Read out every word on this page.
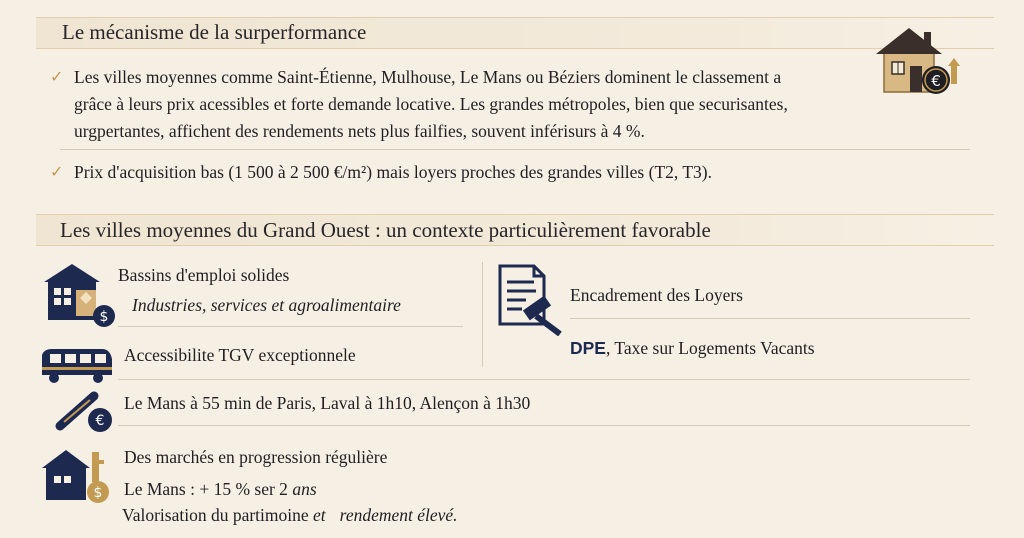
Le mécanisme de la surperformance
€
✓ Les villes moyennes comme Saint-Étienne, Mulhouse, Le Mans ou Béziers dominent le classement a
grâce à leurs prix acessibles et forte demande locative. Les grandes métropoles, bien que securisantes,
urgpertantes, affichent des rendements nets plus failfies, souvent inférisurs à 4 %.
✓ Prix d'acquisition bas (1 500 à 2 500 €/m²) mais loyers proches des grandes villes (T2, T3).
Les villes moyennes du Grand Ouest : un contexte particulièrement favorable
$
Bassins d'emploi solides
Industries, services et agroalimentaire	Encadrement des Loyers
DPE, Taxe sur Logements Vacants
Accessibilite TGV exceptionnele
€
Le Mans à 55 min de Paris, Laval à 1h10, Alençon à 1h30
$
Des marchés en progression régulière
Le Mans : + 15 % ser 2 ans
Valorisation du partimoine et rendement élevé.
